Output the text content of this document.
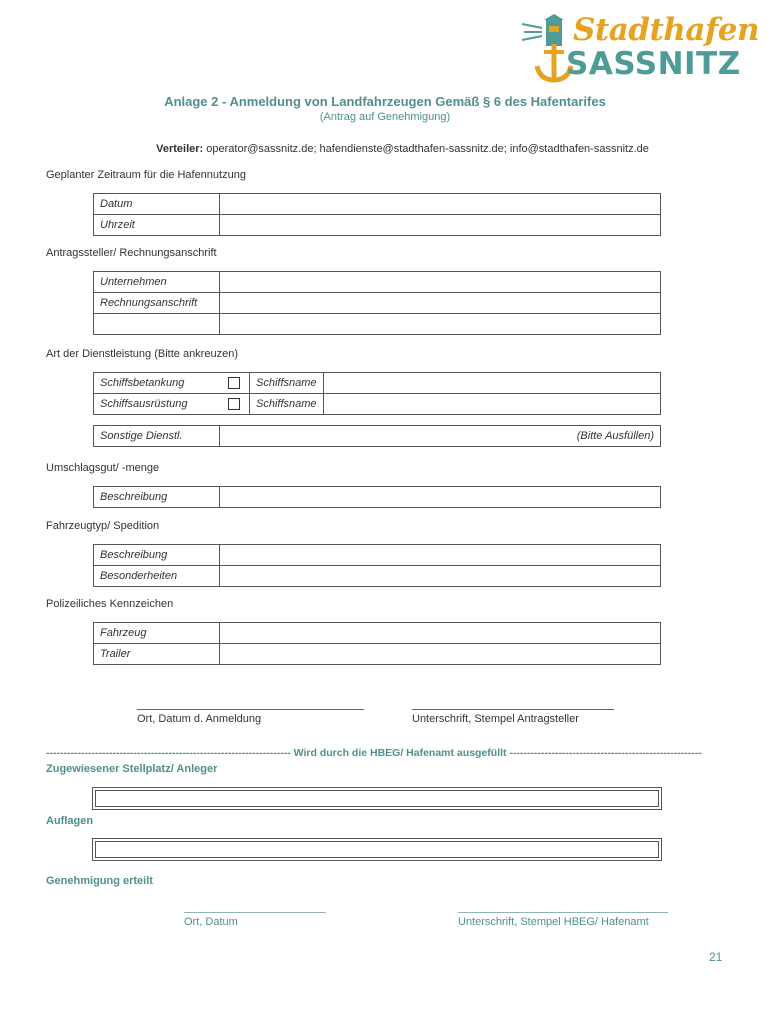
Stadthafen
SASSNITZ
Anlage 2 - Anmeldung von Landfahrzeugen Gemäß § 6 des Hafentarifes
(Antrag auf Genehmigung)
Verteiler: operator@sassnitz.de; hafendienste@stadthafen-sassnitz.de; info@stadthafen-sassnitz.de
Geplanter Zeitraum für die Hafennutzung
Datum	
Uhrzeit	
Antragssteller/ Rechnungsanschrift
Unternehmen	
Rechnungsanschrift	

Art der Dienstleistung (Bitte ankreuzen)
Schiffsbetankung		Schiffsname	
Schiffsausrüstung		Schiffsname	
Sonstige Dienstl.	(Bitte Ausfüllen)
Umschlagsgut/ -menge
Beschreibung	
Fahrzeugtyp/ Spedition
Beschreibung	
Besonderheiten	
Polizeiliches Kennzeichen
Fahrzeug	
Trailer	
Ort, Datum d. Anmeldung	Unterschrift, Stempel Antragsteller
---------------------------------------------------------------------- Wird durch die HBEG/ Hafenamt ausgefüllt -------------------------------------------------------
Zugewiesener Stellplatz/ Anleger
Auflagen
Genehmigung erteilt
Ort, Datum	Unterschrift, Stempel HBEG/ Hafenamt
21
